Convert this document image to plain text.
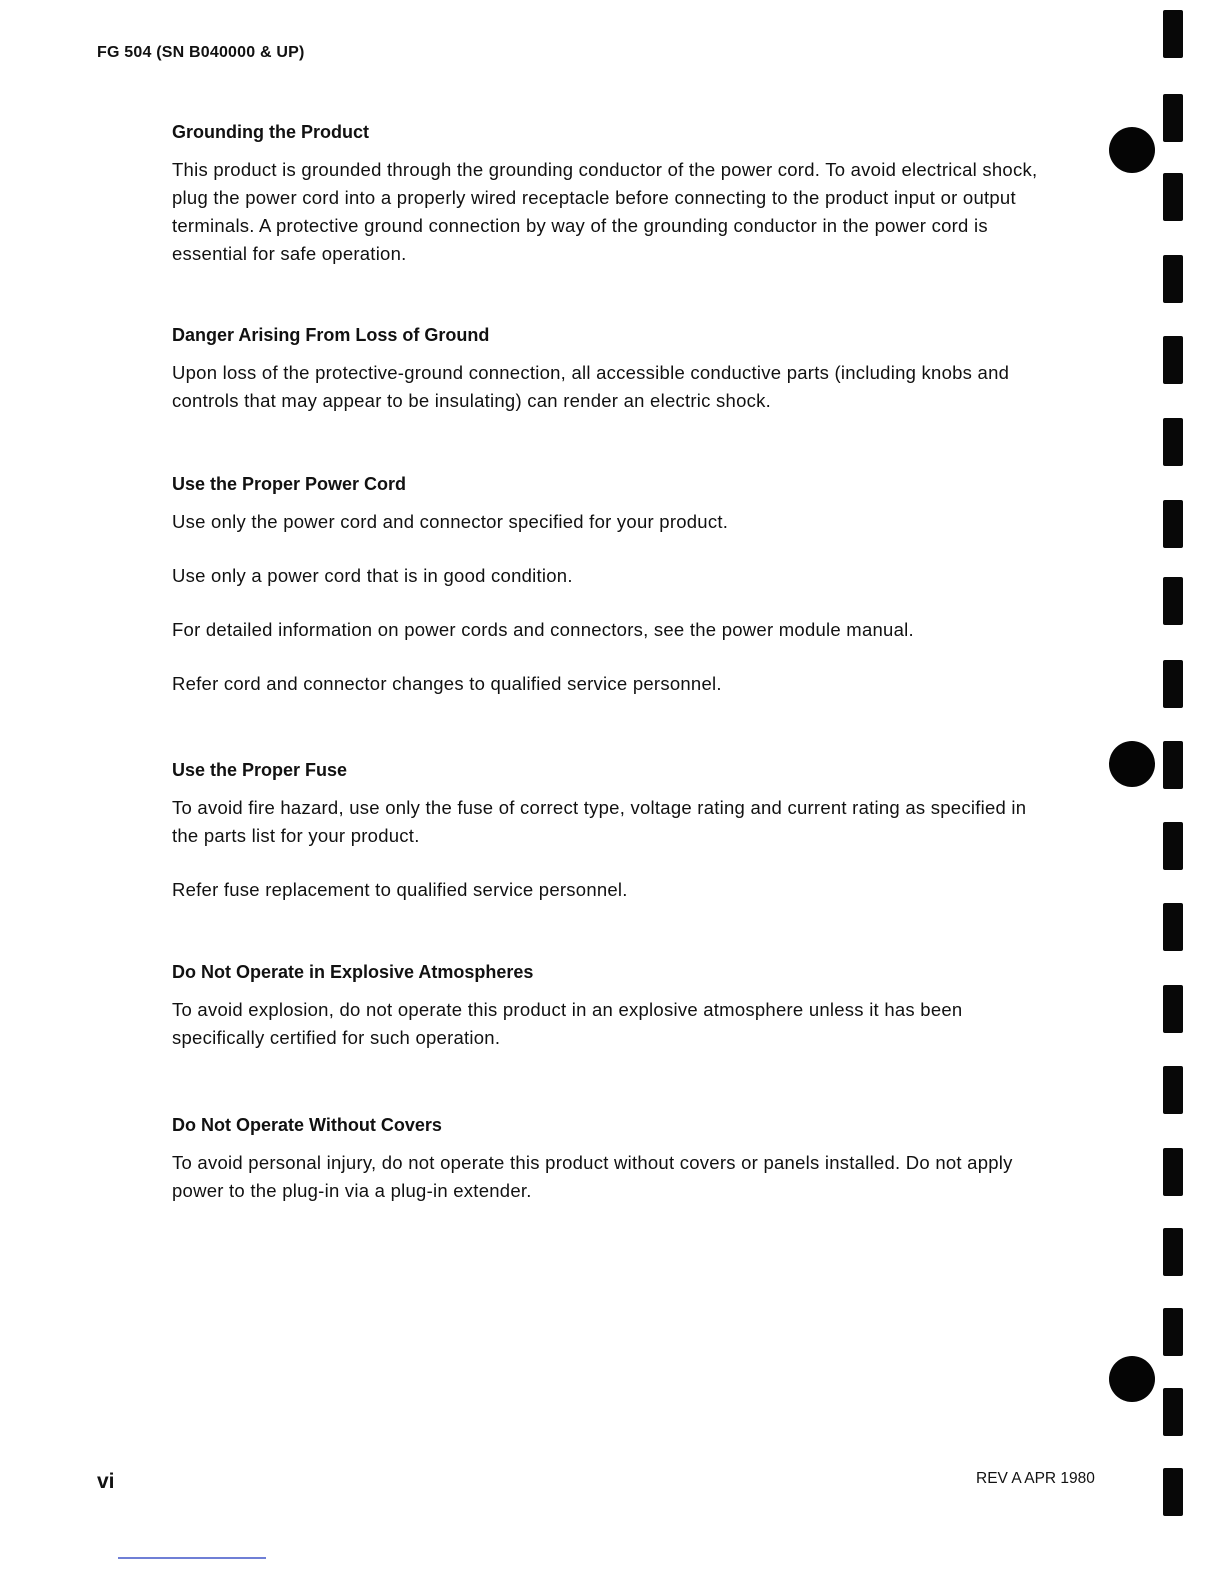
FG 504 (SN B040000 & UP)
Grounding the Product

This product is grounded through the grounding conductor of the power cord. To avoid electrical shock, plug the power cord into a properly wired receptacle before connecting to the product input or output terminals. A protective ground connection by way of the grounding conductor in the power cord is essential for safe operation.

Danger Arising From Loss of Ground

Upon loss of the protective-ground connection, all accessible conductive parts (including knobs and controls that may appear to be insulating) can render an electric shock.

Use the Proper Power Cord

Use only the power cord and connector specified for your product.

Use only a power cord that is in good condition.

For detailed information on power cords and connectors, see the power module manual.

Refer cord and connector changes to qualified service personnel.

Use the Proper Fuse

To avoid fire hazard, use only the fuse of correct type, voltage rating and current rating as specified in the parts list for your product.

Refer fuse replacement to qualified service personnel.

Do Not Operate in Explosive Atmospheres

To avoid explosion, do not operate this product in an explosive atmosphere unless it has been specifically certified for such operation.

Do Not Operate Without Covers

To avoid personal injury, do not operate this product without covers or panels installed. Do not apply power to the plug-in via a plug-in extender.

vi	REV A APR 1980
